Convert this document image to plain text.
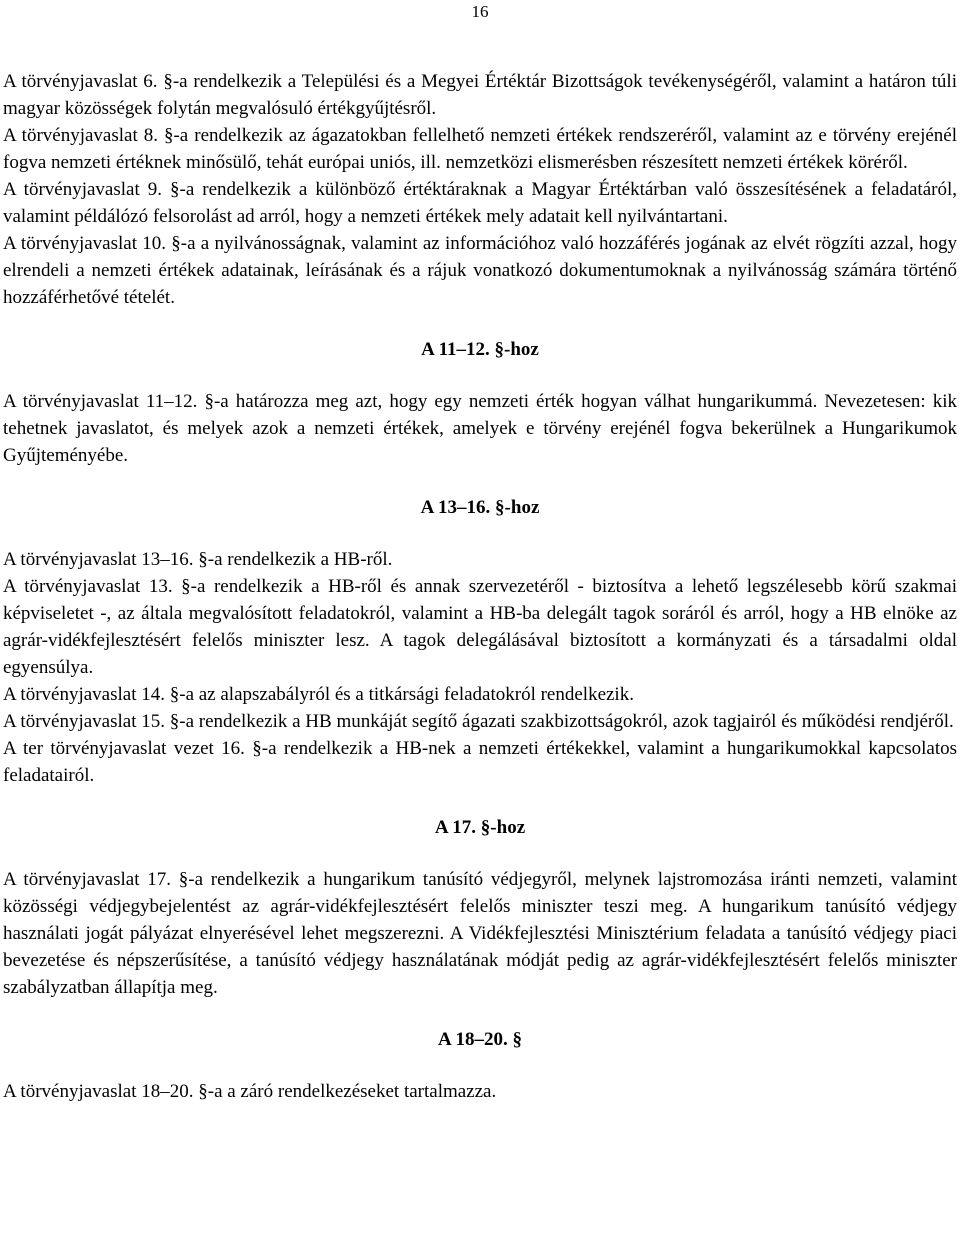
16

A törvényjavaslat 6. §-a rendelkezik a Települési és a Megyei Értéktár Bizottságok tevékenységéről, valamint a határon túli magyar közösségek folytán megvalósuló értékgyűjtésről.

A törvényjavaslat 8. §-a rendelkezik az ágazatokban fellelhető nemzeti értékek rendszeréről, valamint az e törvény erejénél fogva nemzeti értéknek minősülő, tehát európai uniós, ill. nemzetközi elismerésben részesített nemzeti értékek köréről.

A törvényjavaslat 9. §-a rendelkezik a különböző értéktáraknak a Magyar Értéktárban való összesítésének a feladatáról, valamint példálózó felsorolást ad arról, hogy a nemzeti értékek mely adatait kell nyilvántartani.

A törvényjavaslat 10. §-a a nyilvánosságnak, valamint az információhoz való hozzáférés jogának az elvét rögzíti azzal, hogy elrendeli a nemzeti értékek adatainak, leírásának és a rájuk vonatkozó dokumentumoknak a nyilvánosság számára történő hozzáférhetővé tételét.

A 11–12. §-hoz

A törvényjavaslat 11–12. §-a határozza meg azt, hogy egy nemzeti érték hogyan válhat hungarikummá. Nevezetesen: kik tehetnek javaslatot, és melyek azok a nemzeti értékek, amelyek e törvény erejénél fogva bekerülnek a Hungarikumok Gyűjteményébe.

A 13–16. §-hoz

A törvényjavaslat 13–16. §-a rendelkezik a HB-ről.

A törvényjavaslat 13. §-a rendelkezik a HB-ről és annak szervezetéről - biztosítva a lehető legszélesebb körű szakmai képviseletet -, az általa megvalósított feladatokról, valamint a HB-ba delegált tagok soráról és arról, hogy a HB elnöke az agrár-vidékfejlesztésért felelős miniszter lesz. A tagok delegálásával biztosított a kormányzati és a társadalmi oldal egyensúlya.

A törvényjavaslat 14. §-a az alapszabályról és a titkársági feladatokról rendelkezik.

A törvényjavaslat 15. §-a rendelkezik a HB munkáját segítő ágazati szakbizottságokról, azok tagjairól és működési rendjéről.

A ter törvényjavaslat vezet 16. §-a rendelkezik a HB-nek a nemzeti értékekkel, valamint a hungarikumokkal kapcsolatos feladatairól.

A 17. §-hoz

A törvényjavaslat 17. §-a rendelkezik a hungarikum tanúsító védjegyről, melynek lajstromozása iránti nemzeti, valamint közösségi védjegybejelentést az agrár-vidékfejlesztésért felelős miniszter teszi meg. A hungarikum tanúsító védjegy használati jogát pályázat elnyerésével lehet megszerezni. A Vidékfejlesztési Minisztérium feladata a tanúsító védjegy piaci bevezetése és népszerűsítése, a tanúsító védjegy használatának módját pedig az agrár-vidékfejlesztésért felelős miniszter szabályzatban állapítja meg.

A 18–20. §

A törvényjavaslat 18–20. §-a a záró rendelkezéseket tartalmazza.
